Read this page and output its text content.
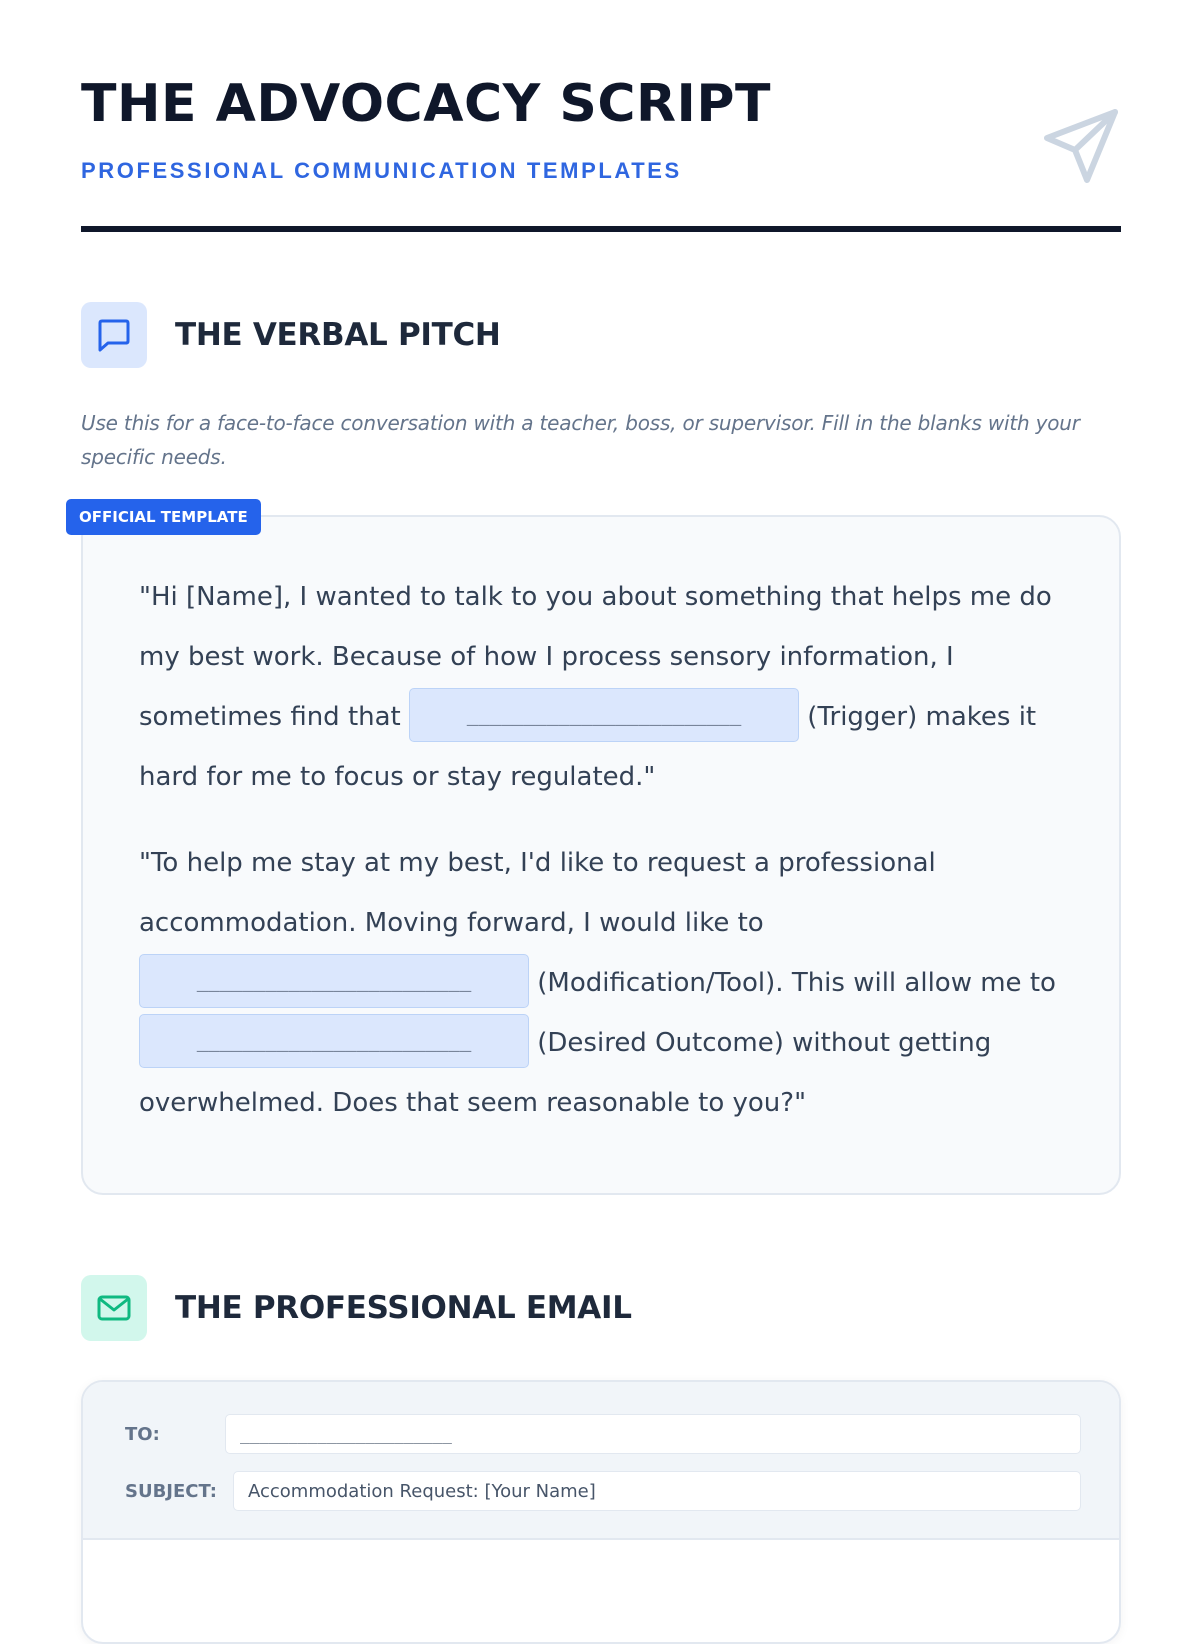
THE ADVOCACY SCRIPT
PROFESSIONAL COMMUNICATION TEMPLATES
THE VERBAL PITCH
Use this for a face-to-face conversation with a teacher, boss, or supervisor. Fill in the blanks with your specific needs.
OFFICIAL TEMPLATE

"Hi [Name], I wanted to talk to you about something that helps me do my best work. Because of how I process sensory information, I sometimes find that	________________________ (Trigger) makes it hard for me to focus or stay regulated."

"To help me stay at my best, I'd like to request a professional accommodation. Moving forward, I would like to ________________________ (Modification/Tool). This will allow me to ________________________ (Desired Outcome) without getting overwhelmed. Does that seem reasonable to you?"

THE PROFESSIONAL EMAIL
TO:	______________________
SUBJECT:	Accommodation Request: [Your Name]
